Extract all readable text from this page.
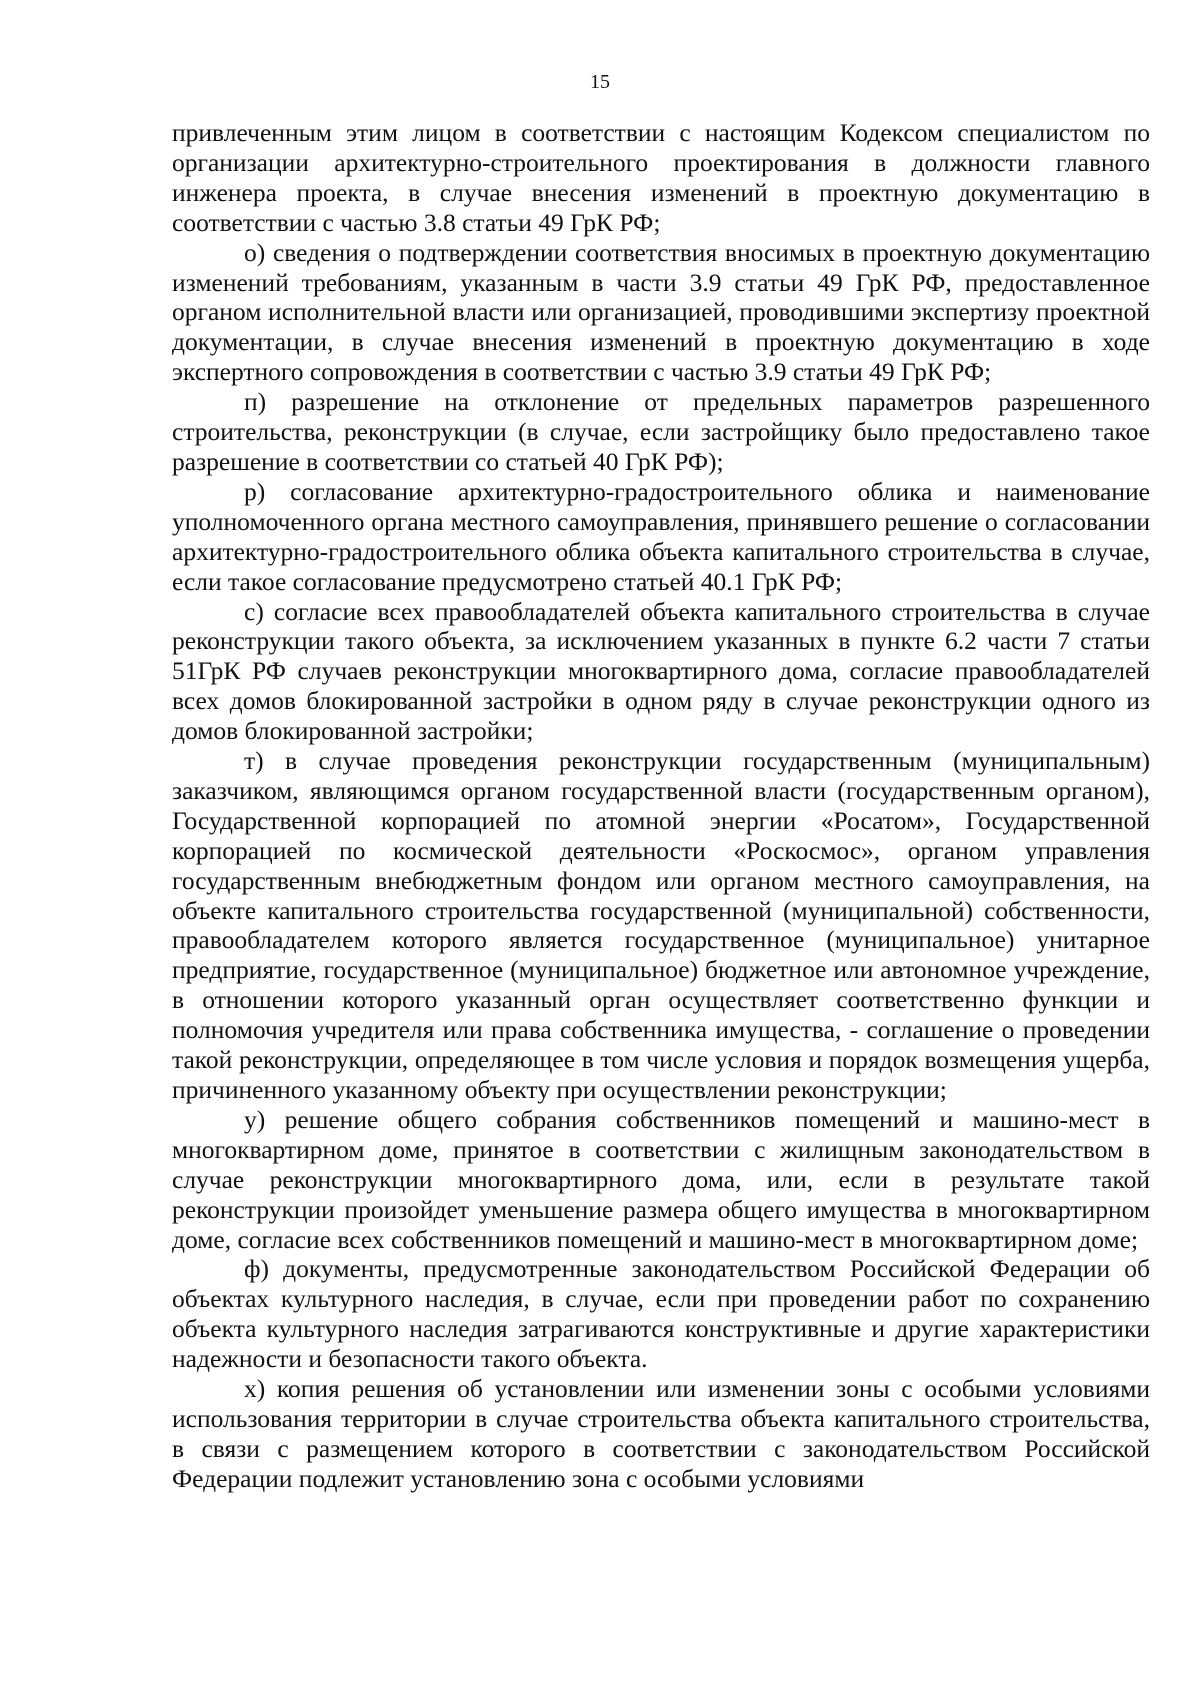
15

привлеченным этим лицом в соответствии с настоящим Кодексом специалистом по организации архитектурно-строительного проектирования в должности главного инженера проекта, в случае внесения изменений в проектную документацию в соответствии с частью 3.8 статьи 49 ГрК РФ;

о) сведения о подтверждении соответствия вносимых в проектную документацию изменений требованиям, указанным в части 3.9 статьи 49 ГрК РФ, предоставленное органом исполнительной власти или организацией, проводившими экспертизу проектной документации, в случае внесения изменений в проектную документацию в ходе экспертного сопровождения в соответствии с частью 3.9 статьи 49 ГрК РФ;

п) разрешение на отклонение от предельных параметров разрешенного строительства, реконструкции (в случае, если застройщику было предоставлено такое разрешение в соответствии со статьей 40 ГрК РФ);

р) согласование архитектурно-градостроительного облика и наименование уполномоченного органа местного самоуправления, принявшего решение о согласовании архитектурно-градостроительного облика объекта капитального строительства в случае, если такое согласование предусмотрено статьей 40.1 ГрК РФ;

с) согласие всех правообладателей объекта капитального строительства в случае реконструкции такого объекта, за исключением указанных в пункте 6.2 части 7 статьи 51ГрК РФ случаев реконструкции многоквартирного дома, согласие правообладателей всех домов блокированной застройки в одном ряду в случае реконструкции одного из домов блокированной застройки;

т) в случае проведения реконструкции государственным (муниципальным) заказчиком, являющимся органом государственной власти (государственным органом), Государственной корпорацией по атомной энергии «Росатом», Государственной корпорацией по космической деятельности «Роскосмос», органом управления государственным внебюджетным фондом или органом местного самоуправления, на объекте капитального строительства государственной (муниципальной) собственности, правообладателем которого является государственное (муниципальное) унитарное предприятие, государственное (муниципальное) бюджетное или автономное учреждение, в отношении которого указанный орган осуществляет соответственно функции и полномочия учредителя или права собственника имущества, - соглашение о проведении такой реконструкции, определяющее в том числе условия и порядок возмещения ущерба, причиненного указанному объекту при осуществлении реконструкции;

у) решение общего собрания собственников помещений и машино-мест в многоквартирном доме, принятое в соответствии с жилищным законодательством в случае реконструкции многоквартирного дома, или, если в результате такой реконструкции произойдет уменьшение размера общего имущества в многоквартирном доме, согласие всех собственников помещений и машино-мест в многоквартирном доме;

ф) документы, предусмотренные законодательством Российской Федерации об объектах культурного наследия, в случае, если при проведении работ по сохранению объекта культурного наследия затрагиваются конструктивные и другие характеристики надежности и безопасности такого объекта.

х) копия решения об установлении или изменении зоны с особыми условиями использования территории в случае строительства объекта капитального строительства, в связи с размещением которого в соответствии с законодательством Российской Федерации подлежит установлению зона с особыми условиями
